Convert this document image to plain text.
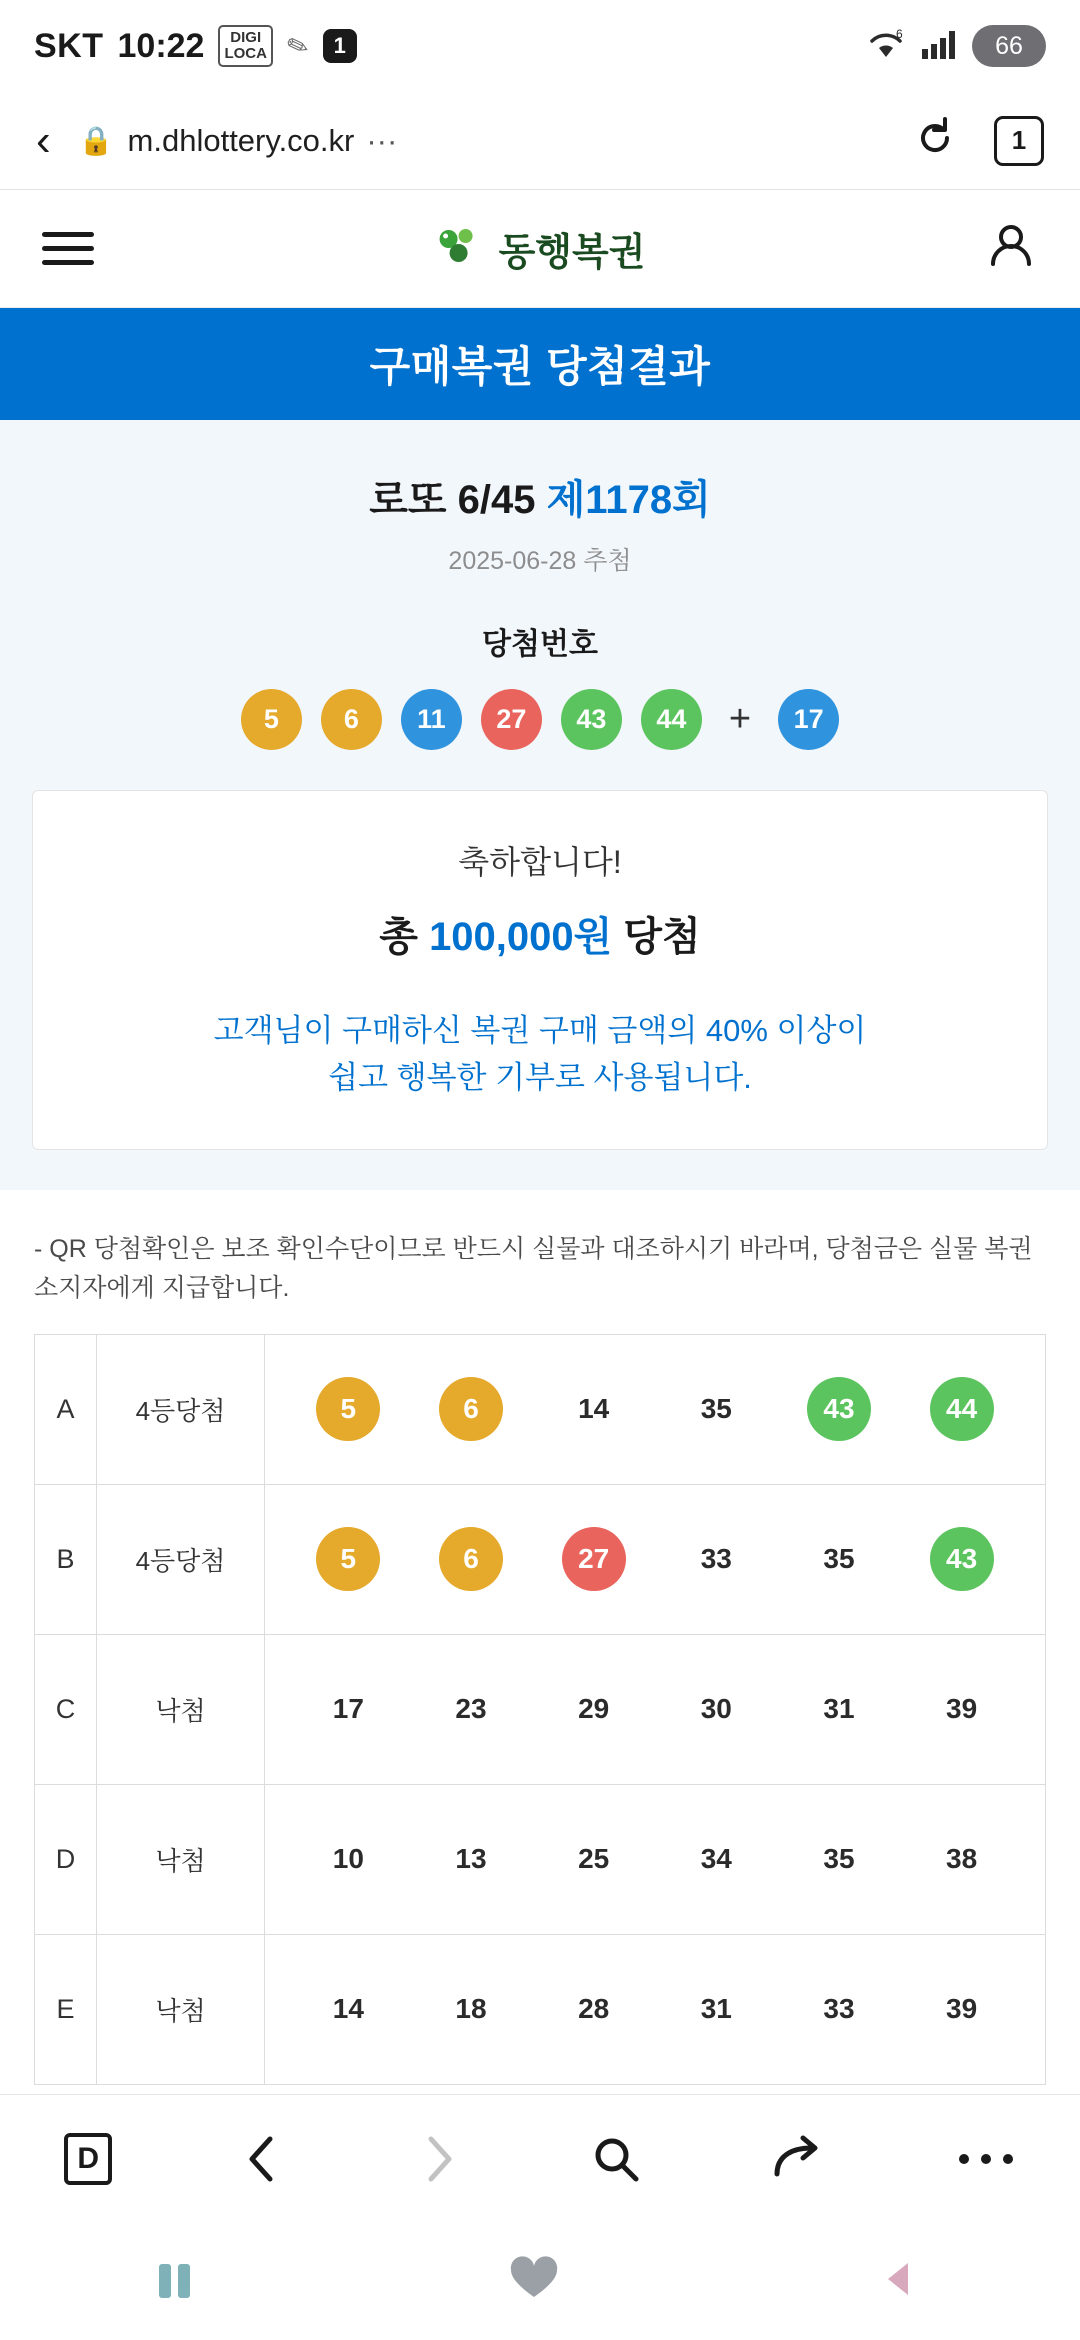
SKT 10:22	DIGI
LOCA ✎ 1	6	66
‹	🔒 m.dhlottery.co.kr ···	1
동행복권
구매복권 당첨결과
로또 6/45 제1178회
2025-06-28 추첨
당첨번호
5	6	11	27	43	44	+	17
축하합니다!
총 100,000원 당첨
고객님이 구매하신 복권 구매 금액의 40% 이상이
쉽고 행복한 기부로 사용됩니다.
- QR 당첨확인은 보조 확인수단이므로 반드시 실물과 대조하시기 바라며, 당첨금은 실물 복권소지자에게 지급합니다.
A	4등당첨	5	6	14	35	43	44
B	4등당첨	5	6	27	33	35	43
C	낙첨	17	23	29	30	31	39
D	낙첨	10	13	25	34	35	38
E	낙첨	14	18	28	31	33	39
D
